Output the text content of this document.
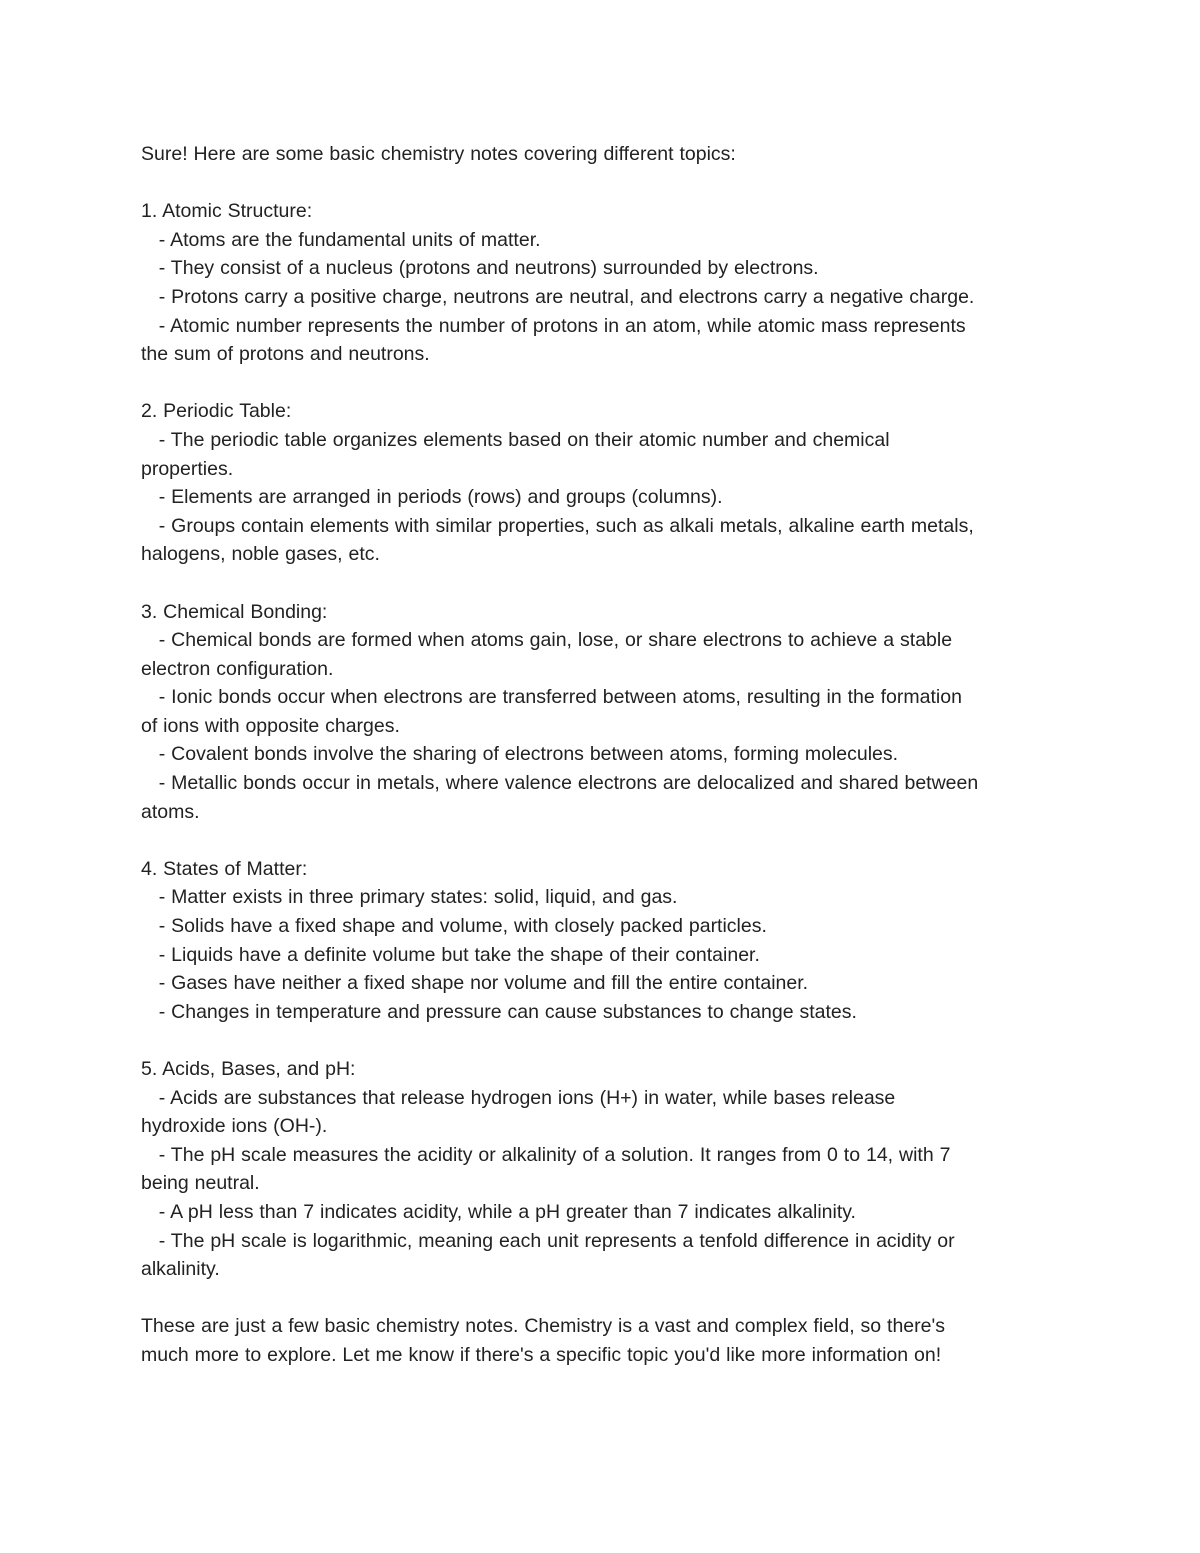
Sure! Here are some basic chemistry notes covering different topics:
1. Atomic Structure:
- Atoms are the fundamental units of matter.
- They consist of a nucleus (protons and neutrons) surrounded by electrons.
- Protons carry a positive charge, neutrons are neutral, and electrons carry a negative charge.
- Atomic number represents the number of protons in an atom, while atomic mass represents
the sum of protons and neutrons.
2. Periodic Table:
- The periodic table organizes elements based on their atomic number and chemical
properties.
- Elements are arranged in periods (rows) and groups (columns).
- Groups contain elements with similar properties, such as alkali metals, alkaline earth metals,
halogens, noble gases, etc.
3. Chemical Bonding:
- Chemical bonds are formed when atoms gain, lose, or share electrons to achieve a stable
electron configuration.
- Ionic bonds occur when electrons are transferred between atoms, resulting in the formation
of ions with opposite charges.
- Covalent bonds involve the sharing of electrons between atoms, forming molecules.
- Metallic bonds occur in metals, where valence electrons are delocalized and shared between
atoms.
4. States of Matter:
- Matter exists in three primary states: solid, liquid, and gas.
- Solids have a fixed shape and volume, with closely packed particles.
- Liquids have a definite volume but take the shape of their container.
- Gases have neither a fixed shape nor volume and fill the entire container.
- Changes in temperature and pressure can cause substances to change states.
5. Acids, Bases, and pH:
- Acids are substances that release hydrogen ions (H+) in water, while bases release
hydroxide ions (OH-).
- The pH scale measures the acidity or alkalinity of a solution. It ranges from 0 to 14, with 7
being neutral.
- A pH less than 7 indicates acidity, while a pH greater than 7 indicates alkalinity.
- The pH scale is logarithmic, meaning each unit represents a tenfold difference in acidity or
alkalinity.
These are just a few basic chemistry notes. Chemistry is a vast and complex field, so there's
much more to explore. Let me know if there's a specific topic you'd like more information on!
